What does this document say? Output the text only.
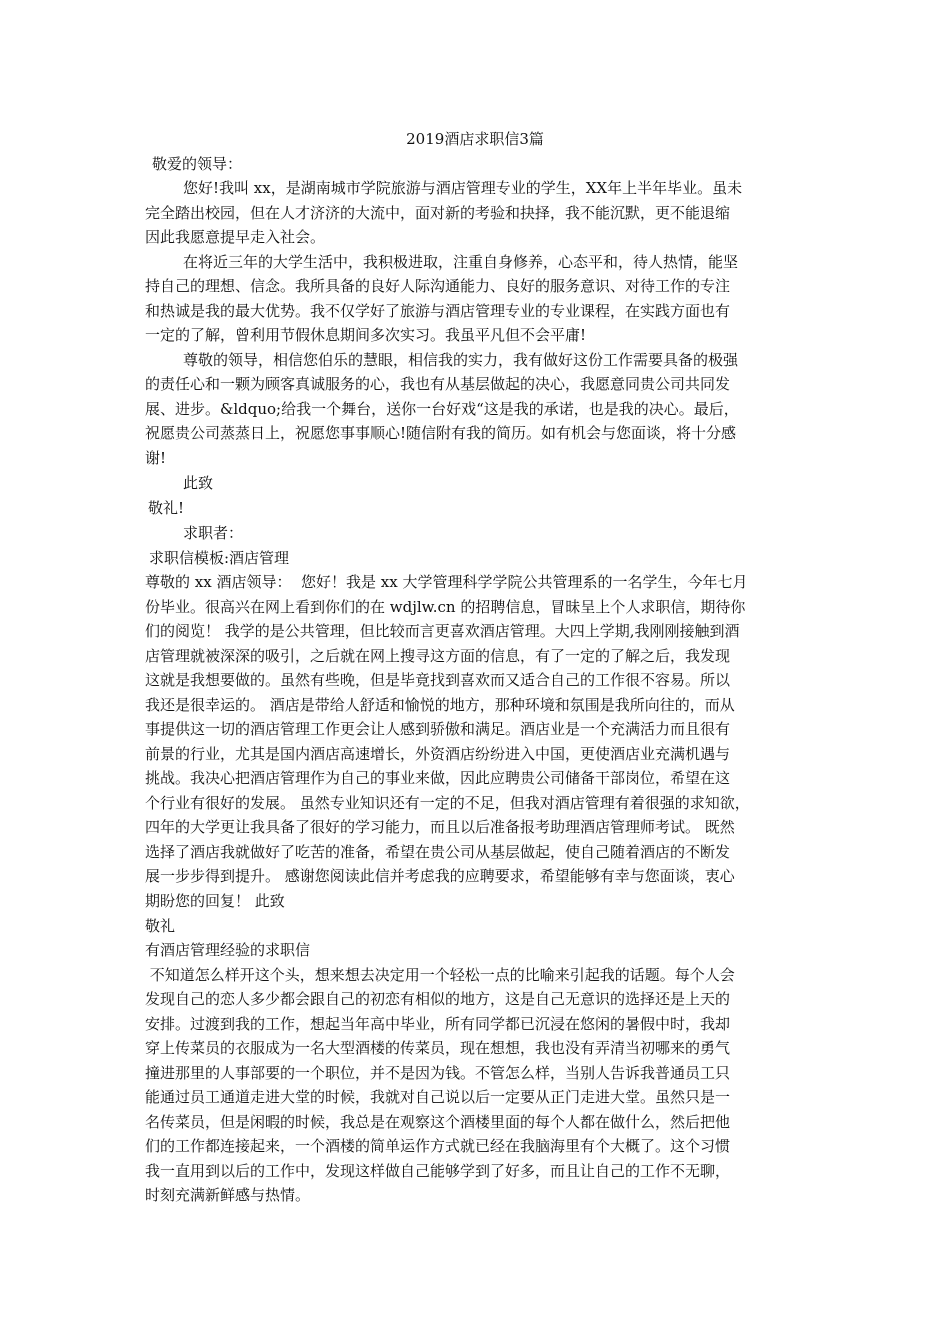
2019酒店求职信3篇
敬爱的领导：
您好!我叫 xx，是湖南城市学院旅游与酒店管理专业的学生，XX年上半年毕业。虽未
完全踏出校园，但在人才济济的大流中，面对新的考验和抉择，我不能沉默，更不能退缩
因此我愿意提早走入社会。
在将近三年的大学生活中，我积极进取，注重自身修养，心态平和，待人热情，能坚
持自己的理想、信念。我所具备的良好人际沟通能力、良好的服务意识、对待工作的专注
和热诚是我的最大优势。我不仅学好了旅游与酒店管理专业的专业课程，在实践方面也有
一定的了解，曾利用节假休息期间多次实习。我虽平凡但不会平庸!
尊敬的领导，相信您伯乐的慧眼，相信我的实力，我有做好这份工作需要具备的极强
的责任心和一颗为顾客真诚服务的心，我也有从基层做起的决心，我愿意同贵公司共同发
展、进步。&ldquo;给我一个舞台，送你一台好戏“这是我的承诺，也是我的决心。最后，
祝愿贵公司蒸蒸日上，祝愿您事事顺心!随信附有我的简历。如有机会与您面谈，将十分感
谢!
此致
敬礼!
求职者：
求职信模板:酒店管理
尊敬的 xx 酒店领导：  您好！我是 xx 大学管理科学学院公共管理系的一名学生，今年七月
份毕业。很高兴在网上看到你们的在 wdjlw.cn 的招聘信息，冒昧呈上个人求职信，期待你
们的阅览！ 我学的是公共管理，但比较而言更喜欢酒店管理。大四上学期,我刚刚接触到酒
店管理就被深深的吸引，之后就在网上搜寻这方面的信息，有了一定的了解之后，我发现
这就是我想要做的。虽然有些晚，但是毕竟找到喜欢而又适合自己的工作很不容易。所以
我还是很幸运的。 酒店是带给人舒适和愉悦的地方，那种环境和氛围是我所向往的，而从
事提供这一切的酒店管理工作更会让人感到骄傲和满足。酒店业是一个充满活力而且很有
前景的行业，尤其是国内酒店高速增长，外资酒店纷纷进入中国，更使酒店业充满机遇与
挑战。我决心把酒店管理作为自己的事业来做，因此应聘贵公司储备干部岗位，希望在这
个行业有很好的发展。 虽然专业知识还有一定的不足，但我对酒店管理有着很强的求知欲，
四年的大学更让我具备了很好的学习能力，而且以后准备报考助理酒店管理师考试。 既然
选择了酒店我就做好了吃苦的准备，希望在贵公司从基层做起，使自己随着酒店的不断发
展一步步得到提升。 感谢您阅读此信并考虑我的应聘要求，希望能够有幸与您面谈，衷心
期盼您的回复！ 此致
敬礼
有酒店管理经验的求职信
不知道怎么样开这个头，想来想去决定用一个轻松一点的比喻来引起我的话题。每个人会
发现自己的恋人多少都会跟自己的初恋有相似的地方，这是自己无意识的选择还是上天的
安排。过渡到我的工作，想起当年高中毕业，所有同学都已沉浸在悠闲的暑假中时，我却
穿上传菜员的衣服成为一名大型酒楼的传菜员，现在想想，我也没有弄清当初哪来的勇气
撞进那里的人事部要的一个职位，并不是因为钱。不管怎么样，当别人告诉我普通员工只
能通过员工通道走进大堂的时候，我就对自己说以后一定要从正门走进大堂。虽然只是一
名传菜员，但是闲暇的时候，我总是在观察这个酒楼里面的每个人都在做什么，然后把他
们的工作都连接起来，一个酒楼的简单运作方式就已经在我脑海里有个大概了。这个习惯
我一直用到以后的工作中，发现这样做自己能够学到了好多，而且让自己的工作不无聊，
时刻充满新鲜感与热情。
